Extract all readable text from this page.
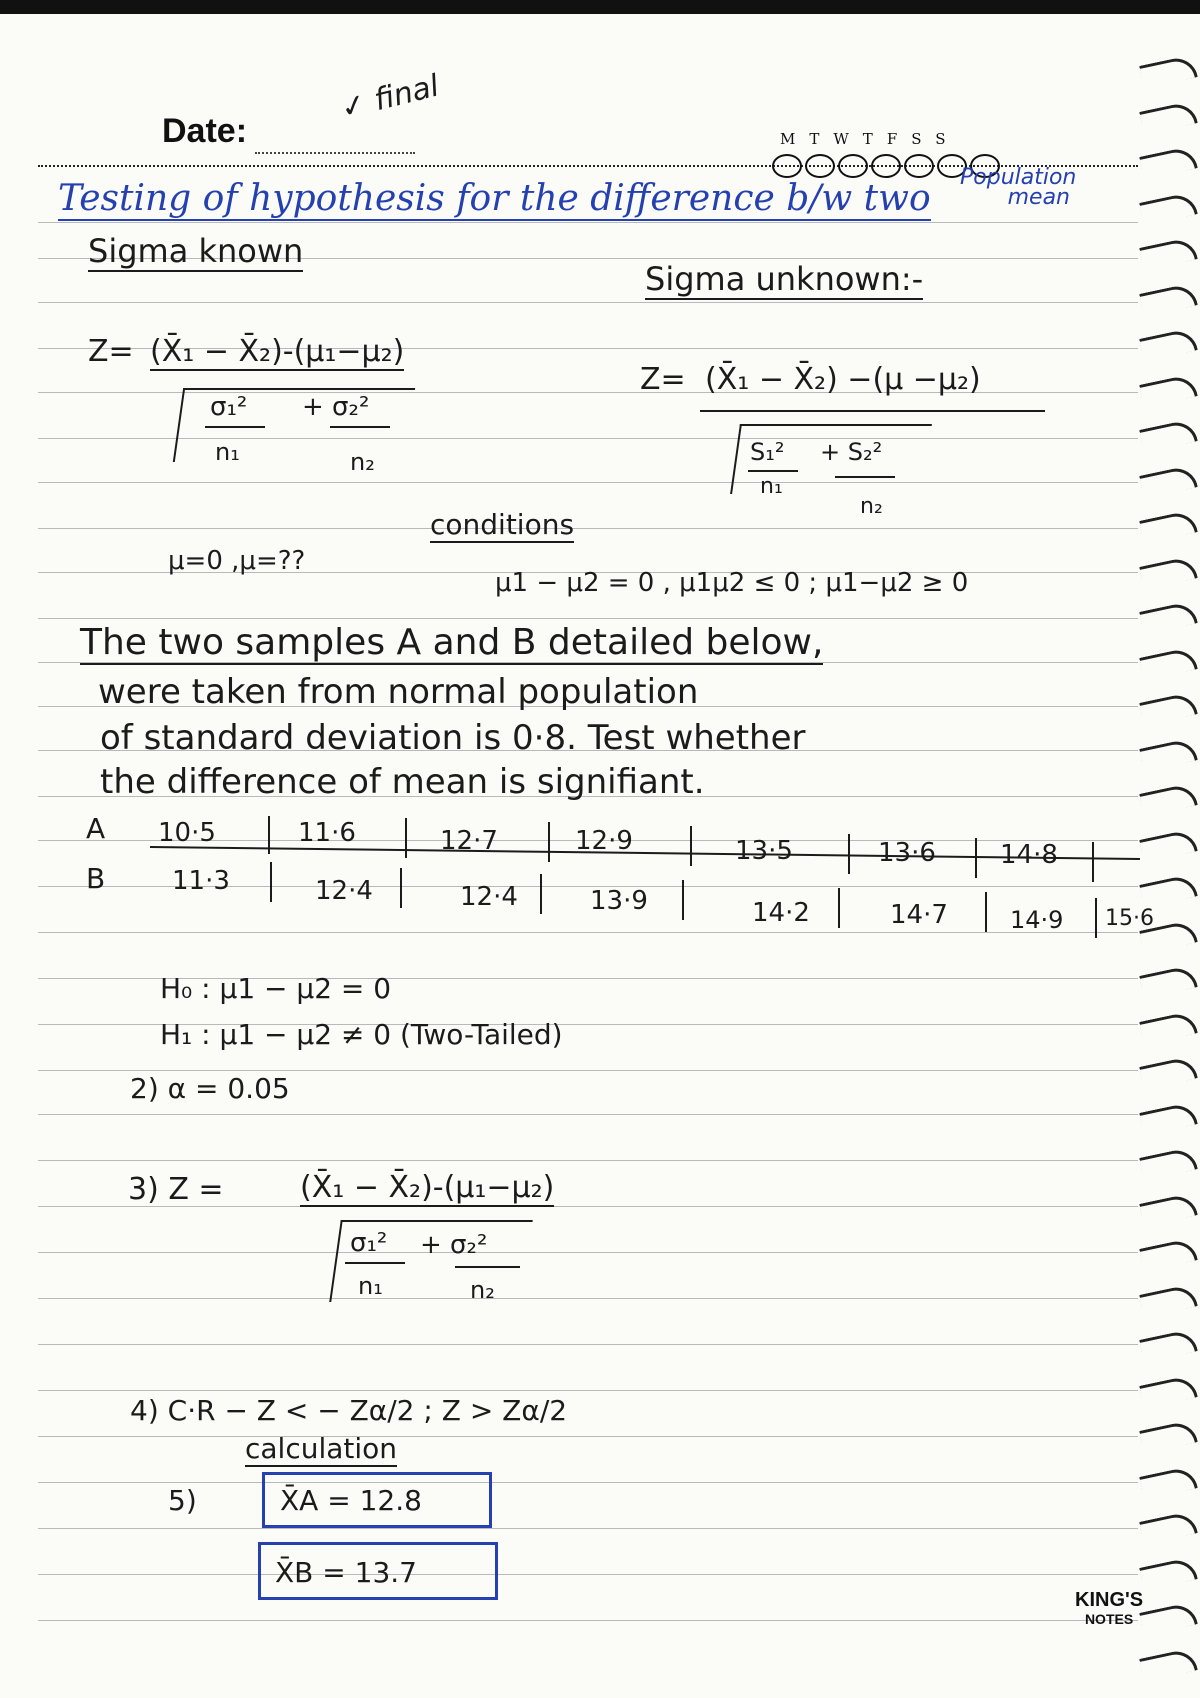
Date:
✓ final
MTWTFSS
Population mean
Testing of hypothesis for the difference b/w two
Sigma known
Sigma unknown:-
Z= (X̄₁ − X̄₂)-(μ₁−μ₂)
σ₁² + σ₂²
n₁	n₂
Z= (X̄₁ − X̄₂) −(μ −μ₂)
S₁² + S₂²
n₁
n₂
conditions
μ=0 ,μ=??
μ1 − μ2 = 0 , μ1μ2 ≤ 0 ; μ1−μ2 ≥ 0
The two samples A and B detailed below,
were taken from normal population
of standard deviation is 0·8. Test whether
the difference of mean is signifiant.
A
B
10·5	11·6	12·7	12·9	13·5	13·6 14·8
11·3	12·4	12·4	13·9	14·2	14·7	14·9 15·6
H₀ : μ1 − μ2 = 0
H₁ : μ1 − μ2 ≠ 0 (Two-Tailed)
2) α = 0.05
3) Z =	(X̄₁ − X̄₂)-(μ₁−μ₂)
σ₁² + σ₂²
n₁	n₂
4) C·R − Z < − Zα/2 ; Z > Zα/2
calculation
5)	X̄A = 12.8
X̄B = 13.7
KING'S
NOTES
